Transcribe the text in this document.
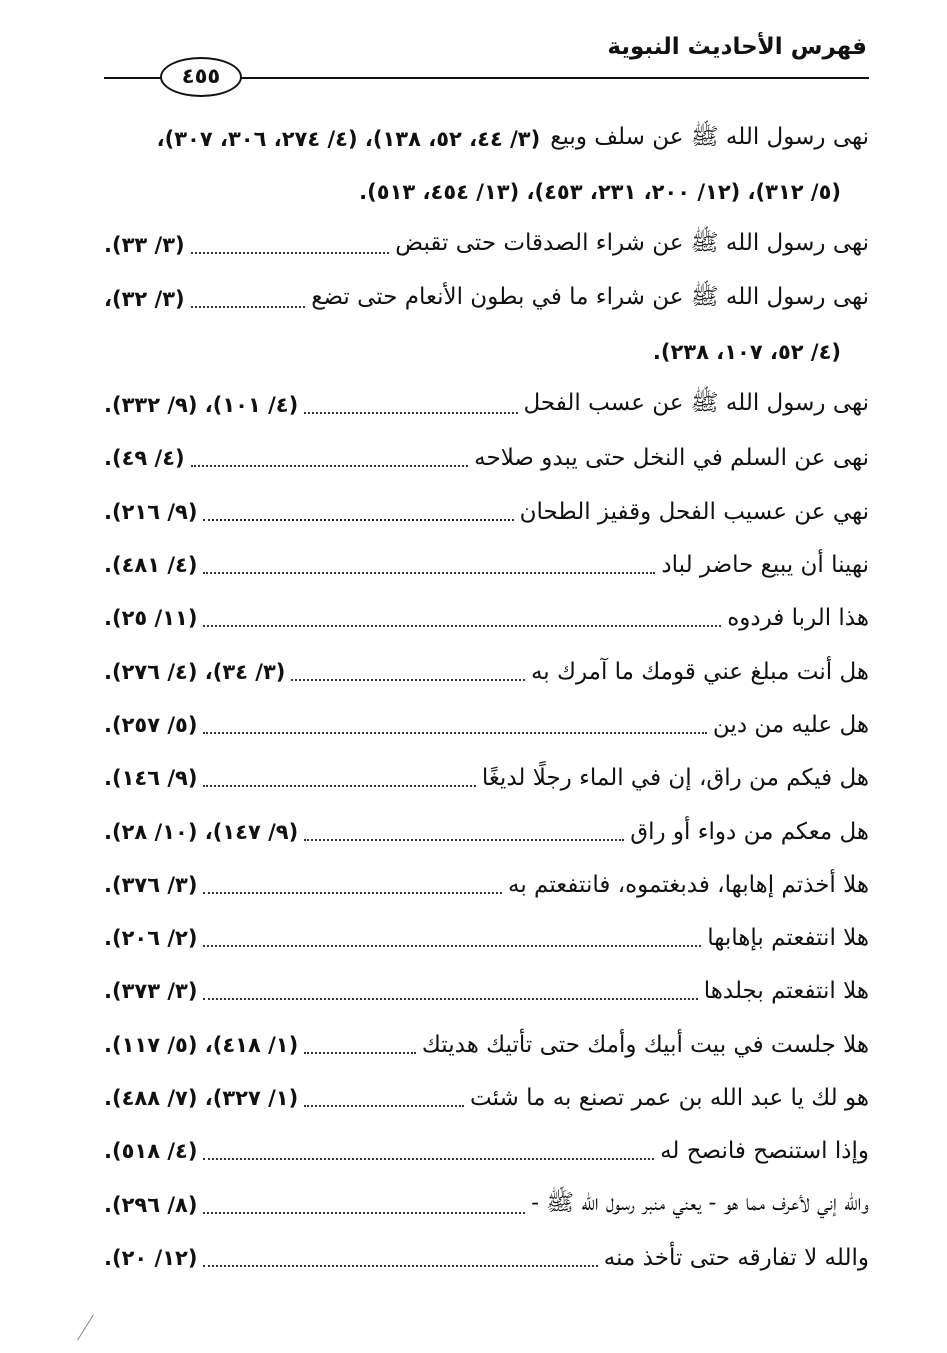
فهرس الأحاديث النبوية
٤٥٥
نهى رسول الله ﷺ عن سلف وبيع
(٣/ ٤٤، ٥٢، ١٣٨)، (٤/ ٢٧٤، ٣٠٦، ٣٠٧)،
(٥/ ٣١٢)، (١٢/ ٢٠٠، ٢٣١، ٤٥٣)، (١٣/ ٤٥٤، ٥١٣).
نهى رسول الله ﷺ عن شراء الصدقات حتى تقبض
(٣/ ٣٣).
نهى رسول الله ﷺ عن شراء ما في بطون الأنعام حتى تضع
(٣/ ٣٢)،
(٤/ ٥٢، ١٠٧، ٢٣٨).
نهى رسول الله ﷺ عن عسب الفحل
(٤/ ١٠١)، (٩/ ٣٣٢).
نهى عن السلم في النخل حتى يبدو صلاحه
(٤/ ٤٩).
نهي عن عسيب الفحل وقفيز الطحان
(٩/ ٢١٦).
نهينا أن يبيع حاضر لباد
(٤/ ٤٨١).
هذا الربا فردوه
(١١/ ٢٥).
هل أنت مبلغ عني قومك ما آمرك به
(٣/ ٣٤)، (٤/ ٢٧٦).
هل عليه من دين
(٥/ ٢٥٧).
هل فيكم من راق، إن في الماء رجلًا لديغًا
(٩/ ١٤٦).
هل معكم من دواء أو راق
(٩/ ١٤٧)، (١٠/ ٢٨).
هلا أخذتم إهابها، فدبغتموه، فانتفعتم به
(٣/ ٣٧٦).
هلا انتفعتم بإهابها
(٢/ ٢٠٦).
هلا انتفعتم بجلدها
(٣/ ٣٧٣).
هلا جلست في بيت أبيك وأمك حتى تأتيك هديتك
(١/ ٤١٨)، (٥/ ١١٧).
هو لك يا عبد الله بن عمر تصنع به ما شئت
(١/ ٣٢٧)، (٧/ ٤٨٨).
وإذا استنصح فانصح له
(٤/ ٥١٨).
والله إني لأعرف مما هو - يعني منبر رسول الله ﷺ -
(٨/ ٢٩٦).
والله لا تفارقه حتى تأخذ منه
(١٢/ ٢٠).
